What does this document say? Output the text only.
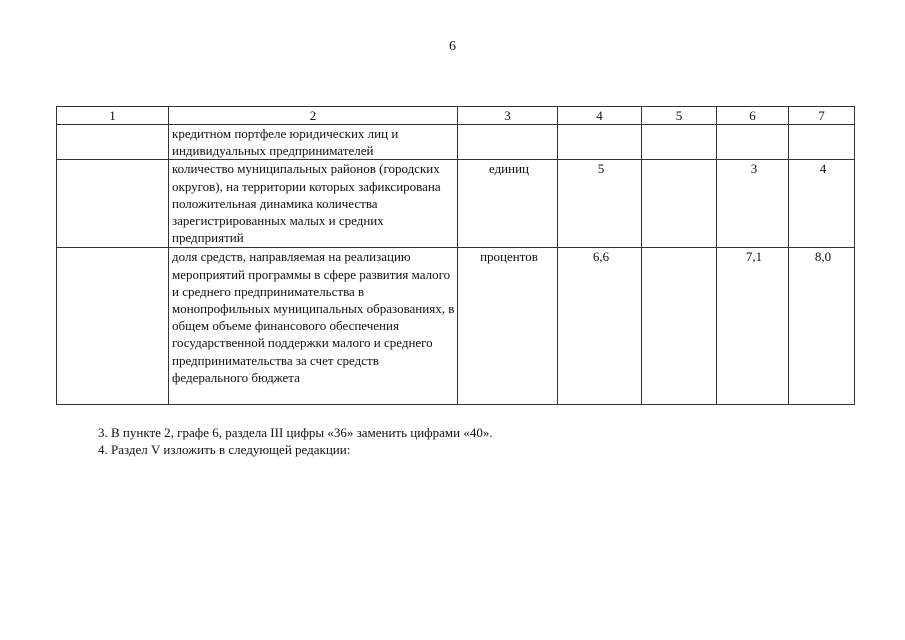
6
1	2	3	4	5	6	7
	кредитном портфеле юридических лиц и индивидуальных предпринимателей					
	количество муниципальных районов (городских округов), на территории которых зафиксирована положительная динамика количества зарегистрированных малых и средних предприятий	единиц	5		3	4
	доля средств, направляемая на реализацию мероприятий программы в сфере развития малого и среднего предпринимательства в монопрофильных муниципальных образованиях, в общем объеме финансового обеспечения государственной поддержки малого и среднего предпринимательства за счет средств федерального бюджета	процентов	6,6		7,1	8,0
3. В пункте 2, графе 6, раздела III цифры «36» заменить цифрами «40».
4. Раздел V изложить в следующей редакции:
